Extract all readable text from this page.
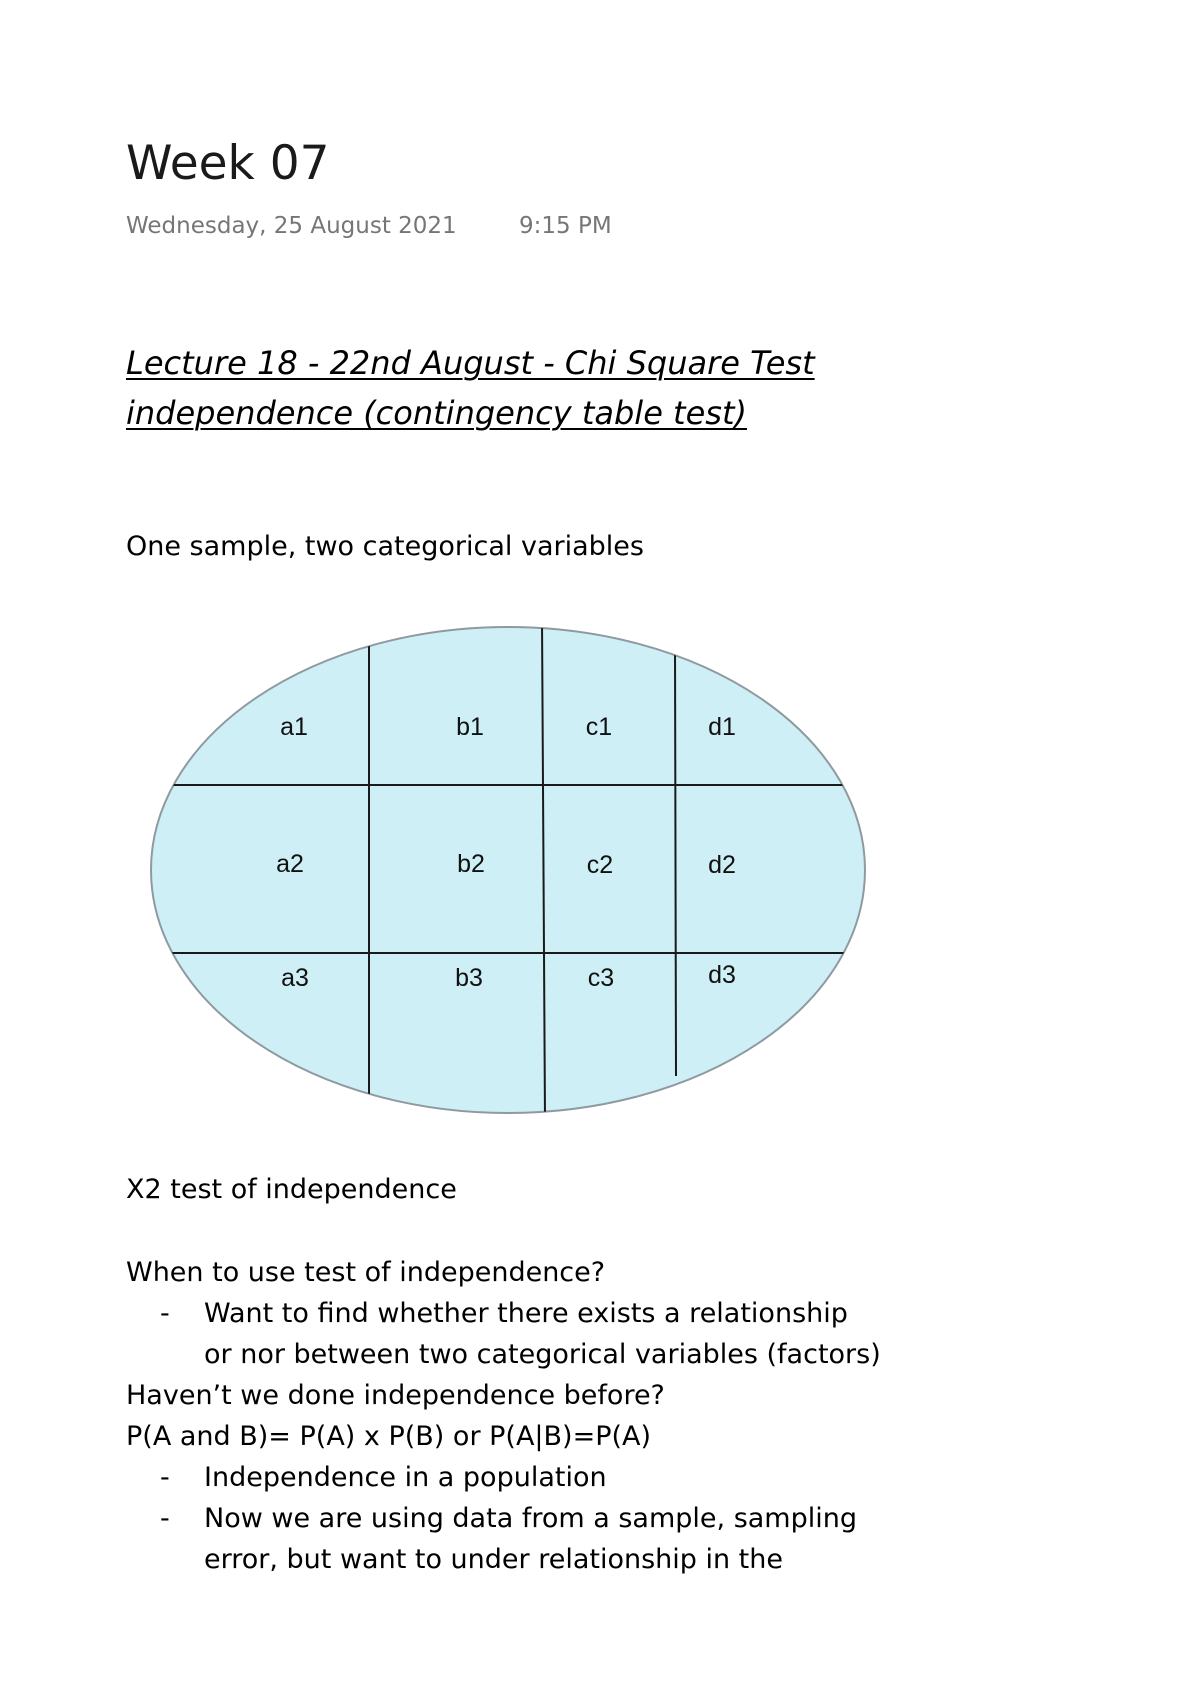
Week 07
Wednesday, 25 August 2021	9:15 PM
Lecture 18 - 22nd August - Chi Square Test
independence (contingency table test)
One sample, two categorical variables
a1	b1	c1	d1
a2	b2	c2	d2
a3	b3	c3	d3
X2 test of independence
When to use test of independence?
- Want to find whether there exists a relationship
or nor between two categorical variables (factors)
Haven’t we done independence before?
P(A and B)= P(A) x P(B) or P(A|B)=P(A)
- Independence in a population
- Now we are using data from a sample, sampling
error, but want to under relationship in the
